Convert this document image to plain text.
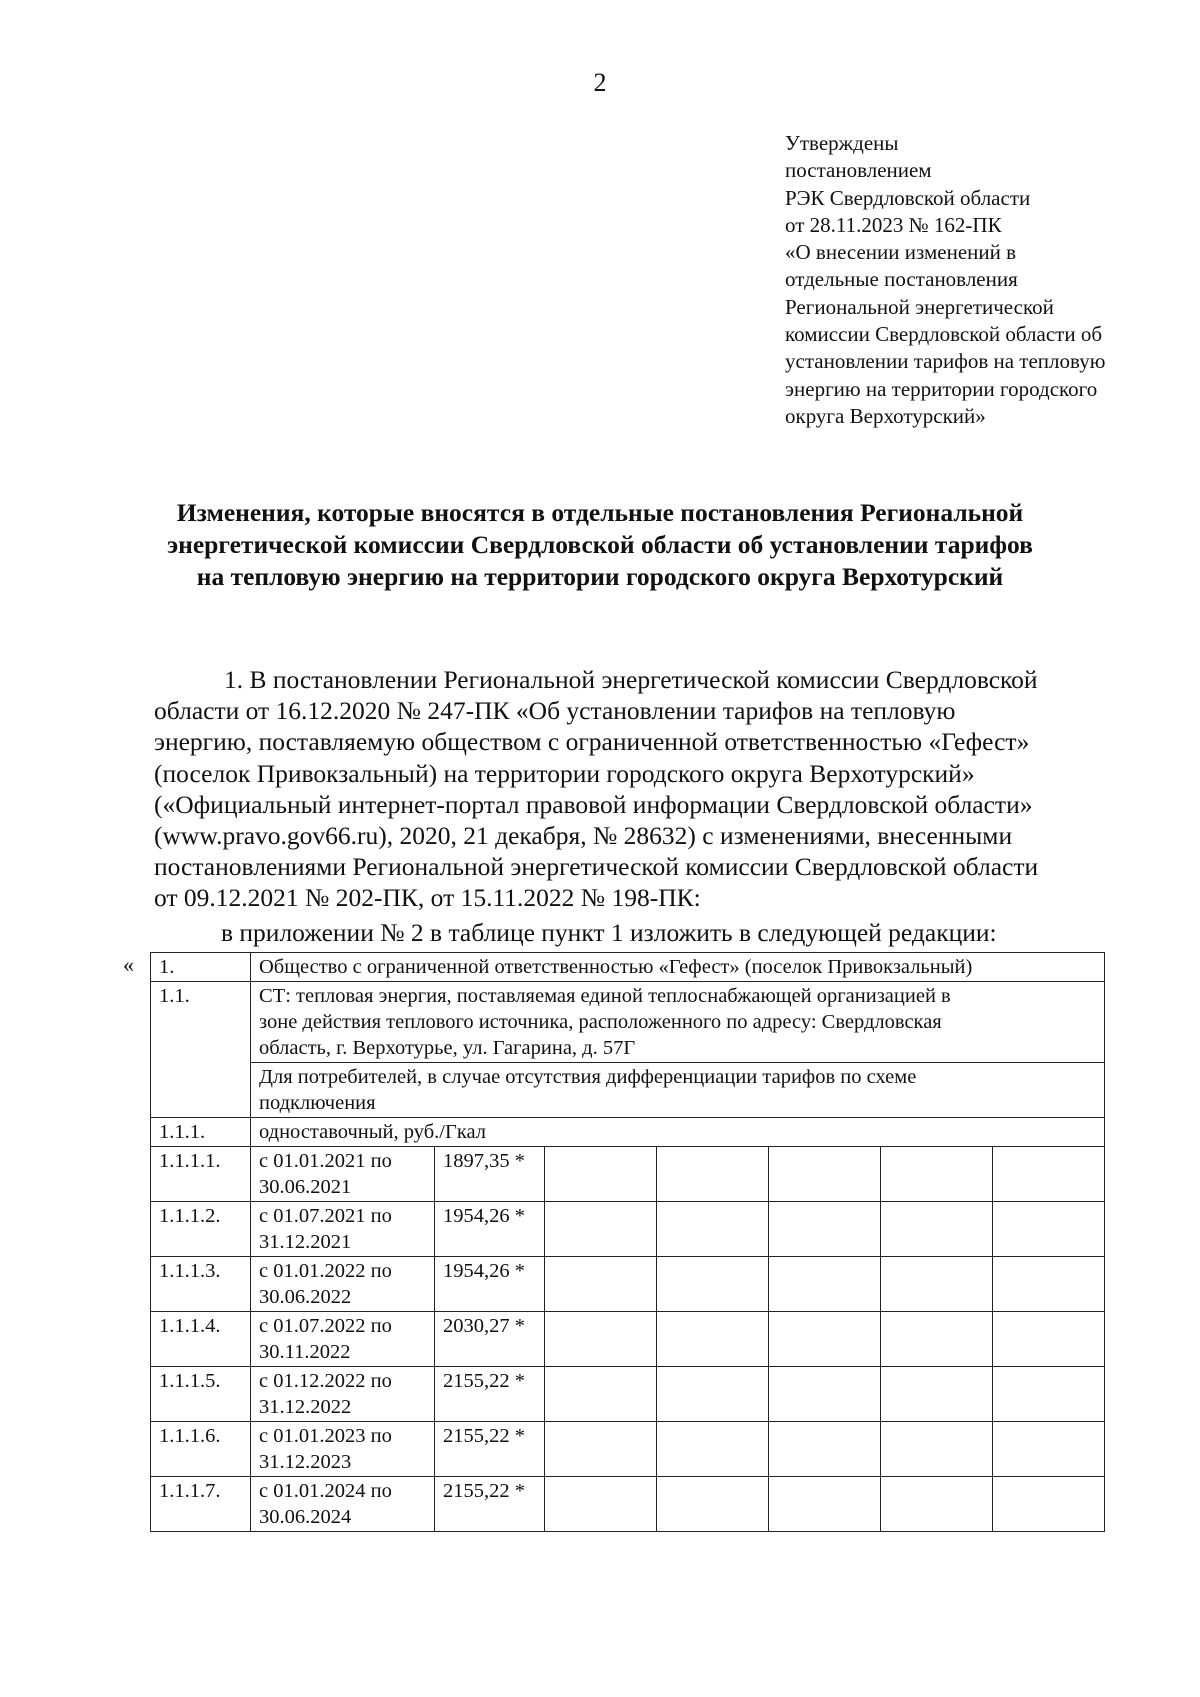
2
Утверждены
постановлением
РЭК Свердловской области
от 28.11.2023 № 162-ПК
«О внесении изменений в
отдельные постановления
Региональной энергетической
комиссии Свердловской области об
установлении тарифов на тепловую
энергию на территории городского
округа Верхотурский»
Изменения, которые вносятся в отдельные постановления Региональной
энергетической комиссии Свердловской области об установлении тарифов
на тепловую энергию на территории городского округа Верхотурский
1. В постановлении Региональной энергетической комиссии Свердловской
области от 16.12.2020 № 247-ПК «Об установлении тарифов на тепловую
энергию, поставляемую обществом с ограниченной ответственностью «Гефест»
(поселок Привокзальный) на территории городского округа Верхотурский»
(«Официальный интернет-портал правовой информации Свердловской области»
(www.pravo.gov66.ru), 2020, 21 декабря, № 28632) с изменениями, внесенными
постановлениями Региональной энергетической комиссии Свердловской области
от 09.12.2021 № 202-ПК, от 15.11.2022 № 198-ПК:
в приложении № 2 в таблице пункт 1 изложить в следующей редакции:
« 1.	Общество с ограниченной ответственностью «Гефест» (поселок Привокзальный)						
1.1.	СТ: тепловая энергия, поставляемая единой теплоснабжающей организацией в
зоне действия теплового источника, расположенного по адресу: Свердловская
область, г. Верхотурье, ул. Гагарина, д. 57Г						

	Для потребителей, в случае отсутствия дифференциации тарифов по схеме
подключения						

1.1.1.	одноставочный, руб./Гкал						
1.1.1.1.	с 01.01.2021 по
30.06.2021	1897,35 *					
1.1.1.2.	с 01.07.2021 по
31.12.2021	1954,26 *					
1.1.1.3.	с 01.01.2022 по
30.06.2022	1954,26 *					
1.1.1.4.	с 01.07.2022 по
30.11.2022	2030,27 *					
1.1.1.5.	с 01.12.2022 по
31.12.2022	2155,22 *					
1.1.1.6.	с 01.01.2023 по
31.12.2023	2155,22 *					
1.1.1.7.	с 01.01.2024 по
30.06.2024	2155,22 *					
